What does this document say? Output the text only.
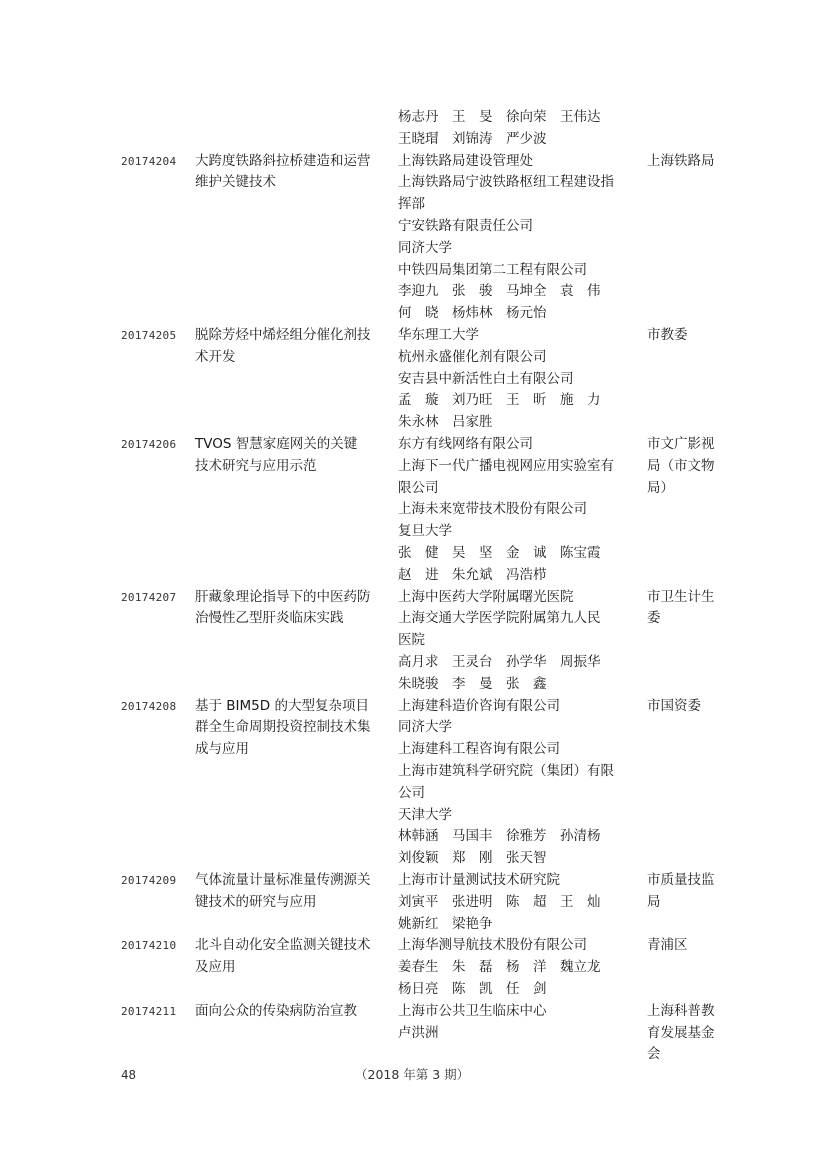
杨志丹　王　旻　徐向荣　王伟达
王晓瑁　刘锦涛　严少波
20174204 大跨度铁路斜拉桥建造和运营
维护关键技术
上海铁路局建设管理处
上海铁路局宁波铁路枢纽工程建设指
挥部
宁安铁路有限责任公司
同济大学
中铁四局集团第二工程有限公司
李迎九　张　骏　马坤全　袁　伟
何　晓　杨炜林　杨元怡
上海铁路局
20174205 脱除芳烃中烯烃组分催化剂技
术开发
华东理工大学
杭州永盛催化剂有限公司
安吉县中新活性白土有限公司
孟　璇　刘乃旺　王　昕　施　力
朱永林　吕家胜
市教委
20174206 TVOS 智慧家庭网关的关键
技术研究与应用示范
东方有线网络有限公司
上海下一代广播电视网应用实验室有
限公司
上海未来宽带技术股份有限公司
复旦大学
张　健　吴　坚　金　诚　陈宝霞
赵　进　朱允斌　冯浩栉
市文广影视
局（市文物
局）
20174207 肝藏象理论指导下的中医药防
治慢性乙型肝炎临床实践
上海中医药大学附属曙光医院
上海交通大学医学院附属第九人民
医院
高月求　王灵台　孙学华　周振华
朱晓骏　李　曼　张　鑫
市卫生计生
委
20174208 基于 BIM5D 的大型复杂项目
群全生命周期投资控制技术集
成与应用
上海建科造价咨询有限公司
同济大学
上海建科工程咨询有限公司
上海市建筑科学研究院（集团）有限
公司
天津大学
林韩涵　马国丰　徐雅芳　孙清杨
刘俊颖　郑　刚　张天智
市国资委
20174209 气体流量计量标准量传溯源关
键技术的研究与应用
上海市计量测试技术研究院
刘寅平　张进明　陈　超　王　灿
姚新红　梁艳争
市质量技监
局
20174210 北斗自动化安全监测关键技术
及应用
上海华测导航技术股份有限公司
姜春生　朱　磊　杨　洋　魏立龙
杨日亮　陈　凯　任　剑
青浦区
20174211 面向公众的传染病防治宣教	上海市公共卫生临床中心
卢洪洲
上海科普教
育发展基金
会
48	（2018 年第 3 期）
